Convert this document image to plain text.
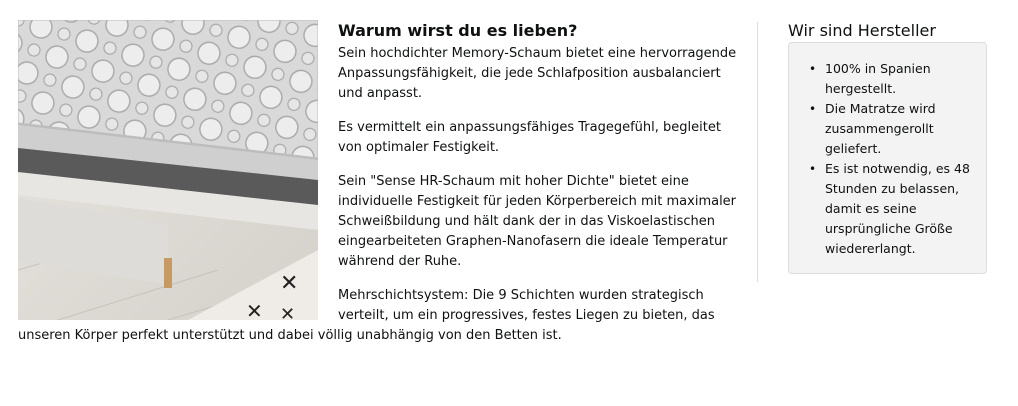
✕
✕ ✕
Warum wirst du es lieben?

Sein hochdichter Memory-Schaum bietet eine hervorragende Anpassungsfähigkeit, die jede Schlafposition ausbalanciert und anpasst.

Es vermittelt ein anpassungsfähiges Tragegefühl, begleitet von optimaler Festigkeit.

Sein "Sense HR-Schaum mit hoher Dichte" bietet eine individuelle Festigkeit für jeden Körperbereich mit maximaler Schweißbildung und hält dank der in das Viskoelastischen eingearbeiteten Graphen-Nanofasern die ideale Temperatur während der Ruhe.

Mehrschichtsystem: Die 9 Schichten wurden strategisch verteilt, um ein progressives, festes Liegen zu bieten, das unseren Körper perfekt unterstützt und dabei völlig unabhängig von den Betten ist.

Wir sind Hersteller
• 100% in Spanien hergestellt.
• Die Matratze wird zusammengerollt geliefert.
• Es ist notwendig, es 48 Stunden zu belassen, damit es seine ursprüngliche Größe wiedererlangt.
